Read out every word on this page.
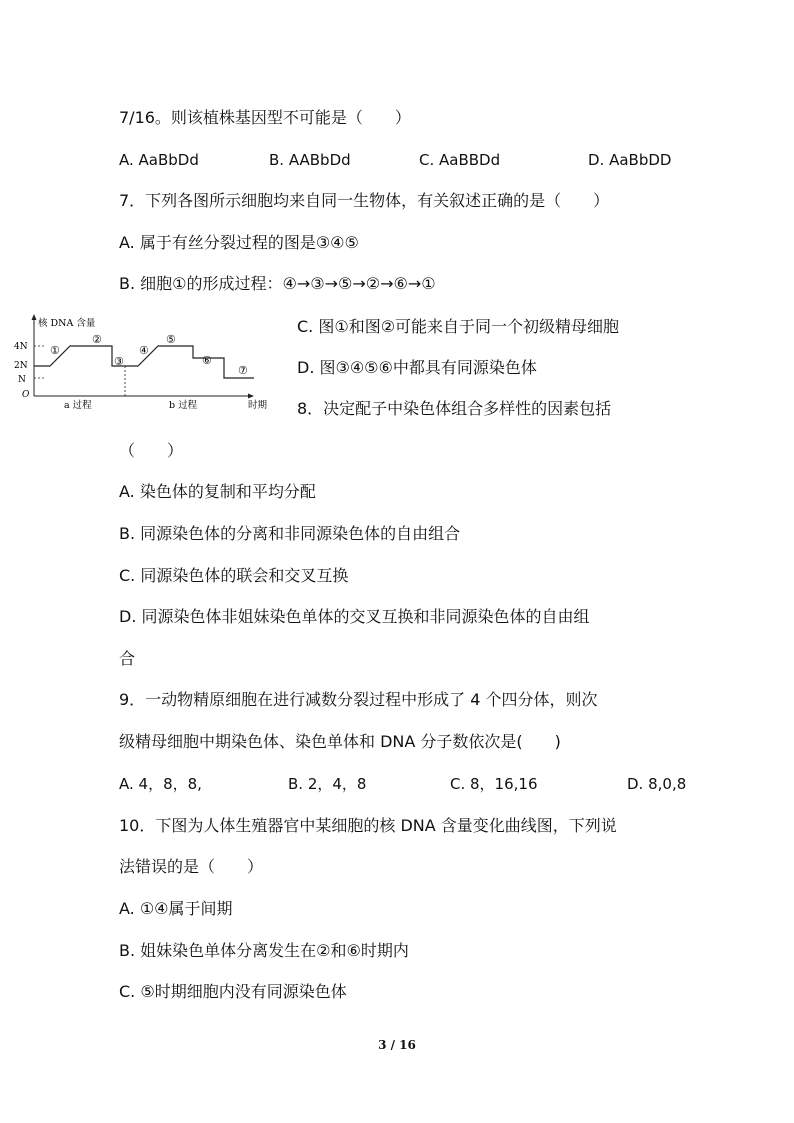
7/16。则该植株基因型不可能是（　　）
A. AaBbDd	B. AABbDd	C. AaBBDd	D. AaBbDD
7．下列各图所示细胞均来自同一生物体，有关叙述正确的是（　　）
A. 属于有丝分裂过程的图是③④⑤
B. 细胞①的形成过程：④→③→⑤→②→⑥→①
C. 图①和图②可能来自于同一个初级精母细胞
D. 图③④⑤⑥中都具有同源染色体
核 DNA 含量
4N
2N
N
O
①
②
③
④
⑤
⑥
⑦
a 过程	b 过程	时期 8．决定配子中染色体组合多样性的因素包括
（　　）
A. 染色体的复制和平均分配
B. 同源染色体的分离和非同源染色体的自由组合
C. 同源染色体的联会和交叉互换
D. 同源染色体非姐妹染色单体的交叉互换和非同源染色体的自由组
合
9．一动物精原细胞在进行减数分裂过程中形成了 4 个四分体，则次
级精母细胞中期染色体、染色单体和 DNA 分子数依次是(　　)
A. 4，8，8,	B. 2，4，8	C. 8，16,16	D. 8,0,8
10．下图为人体生殖器官中某细胞的核 DNA 含量变化曲线图，下列说
法错误的是（　　）
A. ①④属于间期
B. 姐妹染色单体分离发生在②和⑥时期内
C. ⑤时期细胞内没有同源染色体
3 / 16
